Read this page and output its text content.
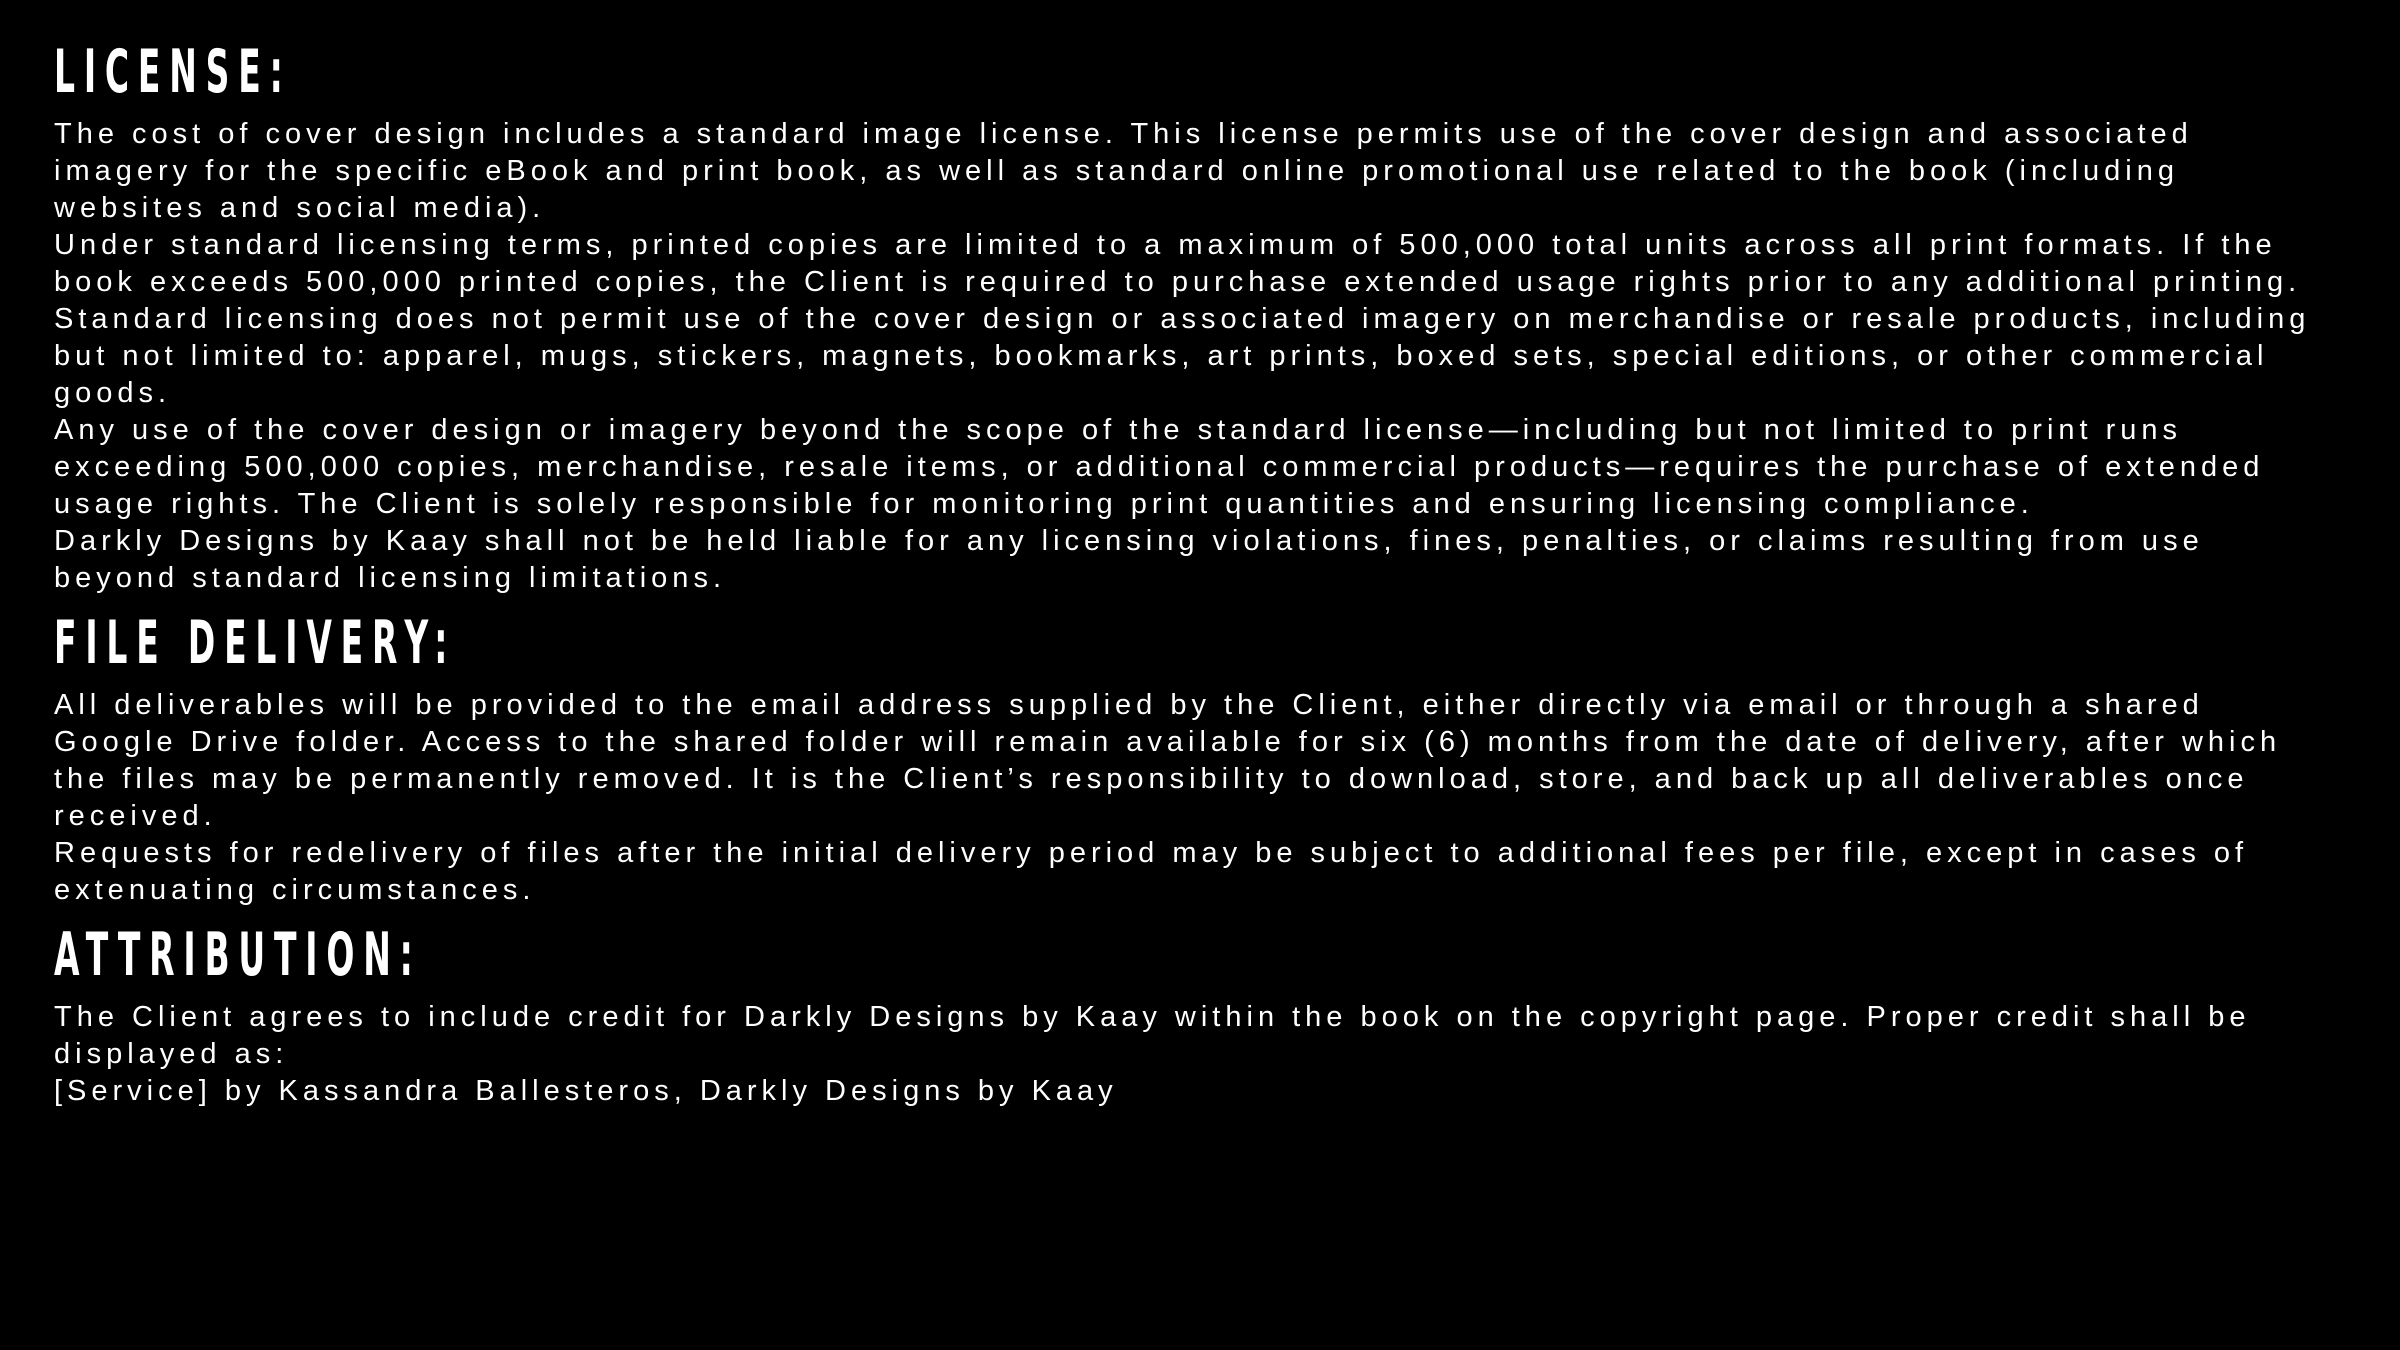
LICENSE:

The cost of cover design includes a standard image license. This license permits use of the cover design and associated imagery for the specific eBook and print book, as well as standard online promotional use related to the book (including websites and social media).

Under standard licensing terms, printed copies are limited to a maximum of 500,000 total units across all print formats. If the book exceeds 500,000 printed copies, the Client is required to purchase extended usage rights prior to any additional printing.

Standard licensing does not permit use of the cover design or associated imagery on merchandise or resale products, including but not limited to: apparel, mugs, stickers, magnets, bookmarks, art prints, boxed sets, special editions, or other commercial goods.

Any use of the cover design or imagery beyond the scope of the standard license—including but not limited to print runs exceeding 500,000 copies, merchandise, resale items, or additional commercial products—requires the purchase of extended usage rights. The Client is solely responsible for monitoring print quantities and ensuring licensing compliance.

Darkly Designs by Kaay shall not be held liable for any licensing violations, fines, penalties, or claims resulting from use beyond standard licensing limitations.

FILE DELIVERY:

All deliverables will be provided to the email address supplied by the Client, either directly via email or through a shared Google Drive folder. Access to the shared folder will remain available for six (6) months from the date of delivery, after which the files may be permanently removed. It is the Client’s responsibility to download, store, and back up all deliverables once received.

Requests for redelivery of files after the initial delivery period may be subject to additional fees per file, except in cases of extenuating circumstances.

ATTRIBUTION:

The Client agrees to include credit for Darkly Designs by Kaay within the book on the copyright page. Proper credit shall be displayed as:

[Service] by Kassandra Ballesteros, Darkly Designs by Kaay
